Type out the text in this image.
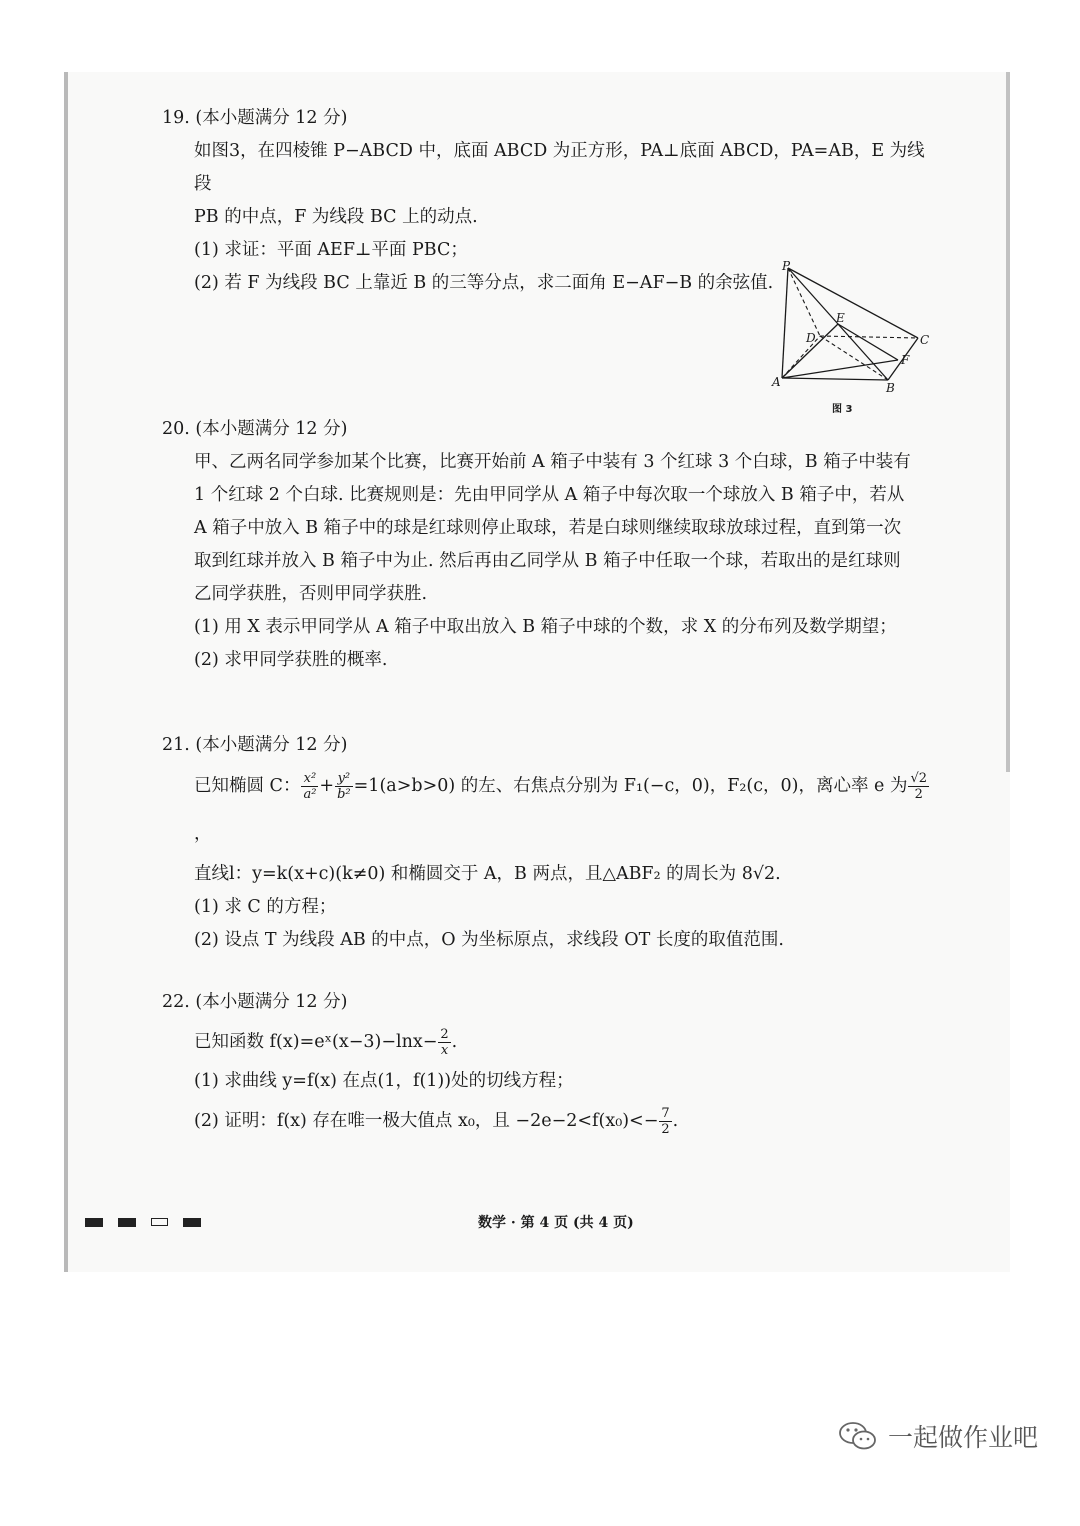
19. (本小题满分 12 分)

如图3，在四棱锥 P−ABCD 中，底面 ABCD 为正方形，PA⊥底面 ABCD，PA=AB，E 为线段

PB 的中点，F 为线段 BC 上的动点.

(1) 求证：平面 AEF⊥平面 PBC；

(2) 若 F 为线段 BC 上靠近 B 的三等分点，求二面角 E−AF−B 的余弦值.

P
A	B
C
D
E
F
图 3

20. (本小题满分 12 分)

甲、乙两名同学参加某个比赛，比赛开始前 A 箱子中装有 3 个红球 3 个白球，B 箱子中装有

1 个红球 2 个白球. 比赛规则是：先由甲同学从 A 箱子中每次取一个球放入 B 箱子中，若从

A 箱子中放入 B 箱子中的球是红球则停止取球，若是白球则继续取球放球过程，直到第一次

取到红球并放入 B 箱子中为止. 然后再由乙同学从 B 箱子中任取一个球，若取出的是红球则

乙同学获胜，否则甲同学获胜.

(1) 用 X 表示甲同学从 A 箱子中取出放入 B 箱子中球的个数，求 X 的分布列及数学期望；

(2) 求甲同学获胜的概率.

21. (本小题满分 12 分)

已知椭圆 C： $\frac{\text{x²}}{\text{a²}} + \frac{\text{y²}}{\text{b²}} =1(a>b>0)$ 的左、右焦点分别为 F₁(−c，0)，F₂(c，0)，离心率 e 为 $\frac{√2}{2}$
，

直线l：y=k(x+c)(k≠0) 和椭圆交于 A，B 两点，且△ABF₂ 的周长为 8√2.

(1) 求 C 的方程；

(2) 设点 T 为线段 AB 的中点，O 为坐标原点，求线段 OT 长度的取值范围.

22. (本小题满分 12 分)

已知函数 f(x)=eˣ(x−3)−lnx− $\frac{2}{x}$ .

(1) 求曲线 y=f(x) 在点(1，f(1))处的切线方程；

(2) 证明：f(x) 存在唯一极大值点 x₀，且 $-2e-2<f(x_0)<- \frac{7}{2}$ .

数学 · 第 4 页 (共 4 页)
一起做作业吧
